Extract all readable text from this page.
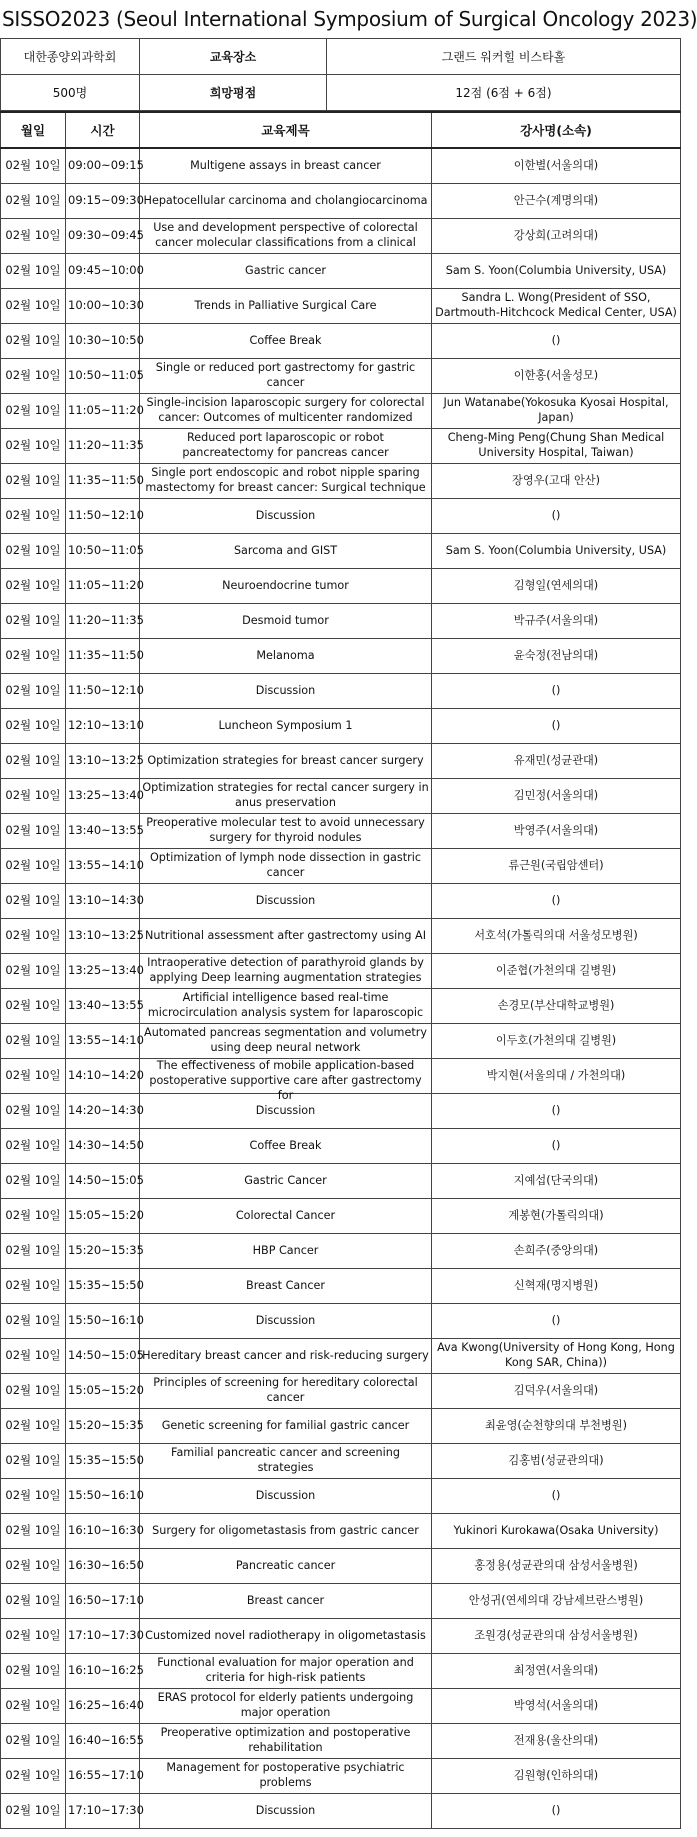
SISSO2023 (Seoul International Symposium of Surgical Oncology 2023)
대한종양외과학회	교육장소	그랜드 워커힐 비스타홀
500명	희망평점	12점 (6점 + 6점)
월일	시간	교육제목	강사명(소속)

02월 10일	09:00~09:15	Multigene assays in breast cancer	이한별(서울의대)

02월 10일	09:15~09:30	Hepatocellular carcinoma and cholangiocarcinoma	안근수(계명의대)

02월 10일	09:30~09:45	Use and development perspective of colorectal cancer molecular classifications from a clinical	강상희(고려의대)

02월 10일	09:45~10:00	Gastric cancer	Sam S. Yoon(Columbia University, USA)

02월 10일	10:00~10:30	Trends in Palliative Surgical Care	Sandra L. Wong(President of SSO, Dartmouth-Hitchcock Medical Center, USA)

02월 10일	10:30~10:50	Coffee Break	()

02월 10일	10:50~11:05	Single or reduced port gastrectomy for gastric cancer	이한홍(서울성모)

02월 10일	11:05~11:20	Single-incision laparoscopic surgery for colorectal cancer: Outcomes of multicenter randomized	Jun Watanabe(Yokosuka Kyosai Hospital, Japan)

02월 10일	11:20~11:35	Reduced port laparoscopic or robot pancreatectomy for pancreas cancer	Cheng-Ming Peng(Chung Shan Medical University Hospital, Taiwan)

02월 10일	11:35~11:50	Single port endoscopic and robot nipple sparing mastectomy for breast cancer: Surgical technique	장영우(고대 안산)

02월 10일	11:50~12:10	Discussion	()

02월 10일	10:50~11:05	Sarcoma and GIST	Sam S. Yoon(Columbia University, USA)

02월 10일	11:05~11:20	Neuroendocrine tumor	김형일(연세의대)

02월 10일	11:20~11:35	Desmoid tumor	박규주(서울의대)

02월 10일	11:35~11:50	Melanoma	윤숙정(전남의대)

02월 10일	11:50~12:10	Discussion	()

02월 10일	12:10~13:10	Luncheon Symposium 1	()

02월 10일	13:10~13:25	Optimization strategies for breast cancer surgery	유재민(성균관대)

02월 10일	13:25~13:40	Optimization strategies for rectal cancer surgery in anus preservation	김민정(서울의대)

02월 10일	13:40~13:55	Preoperative molecular test to avoid unnecessary surgery for thyroid nodules	박영주(서울의대)

02월 10일	13:55~14:10	Optimization of lymph node dissection in gastric cancer	류근원(국립암센터)

02월 10일	13:10~14:30	Discussion	()

02월 10일	13:10~13:25	Nutritional assessment after gastrectomy using AI	서호석(가톨릭의대 서울성모병원)

02월 10일	13:25~13:40	Intraoperative detection of parathyroid glands by applying Deep learning augmentation strategies	이준협(가천의대 길병원)

02월 10일	13:40~13:55	Artificial intelligence based real-time microcirculation analysis system for laparoscopic	손경모(부산대학교병원)

02월 10일	13:55~14:10	Automated pancreas segmentation and volumetry using deep neural network	이두호(가천의대 길병원)

02월 10일	14:10~14:20	The effectiveness of mobile application-based postoperative supportive care after gastrectomy for	박지현(서울의대 / 가천의대)

02월 10일	14:20~14:30	Discussion	()

02월 10일	14:30~14:50	Coffee Break	()

02월 10일	14:50~15:05	Gastric Cancer	지예섭(단국의대)

02월 10일	15:05~15:20	Colorectal Cancer	계봉현(가톨릭의대)

02월 10일	15:20~15:35	HBP Cancer	손희주(중앙의대)

02월 10일	15:35~15:50	Breast Cancer	신혁재(명지병원)

02월 10일	15:50~16:10	Discussion	()

02월 10일	14:50~15:05	Hereditary breast cancer and risk-reducing surgery	Ava Kwong(University of Hong Kong, Hong Kong SAR, China))

02월 10일	15:05~15:20	Principles of screening for hereditary colorectal cancer	김덕우(서울의대)

02월 10일	15:20~15:35	Genetic screening for familial gastric cancer	최윤영(순천향의대 부천병원)

02월 10일	15:35~15:50	Familial pancreatic cancer and screening strategies	김홍범(성균관의대)

02월 10일	15:50~16:10	Discussion	()

02월 10일	16:10~16:30	Surgery for oligometastasis from gastric cancer	Yukinori Kurokawa(Osaka University)

02월 10일	16:30~16:50	Pancreatic cancer	홍정용(성균관의대 삼성서울병원)

02월 10일	16:50~17:10	Breast cancer	안성귀(연세의대 강남세브란스병원)

02월 10일	17:10~17:30	Customized novel radiotherapy in oligometastasis	조원경(성균관의대 삼성서울병원)

02월 10일	16:10~16:25	Functional evaluation for major operation and criteria for high-risk patients	최정연(서울의대)

02월 10일	16:25~16:40	ERAS protocol for elderly patients undergoing major operation	박영석(서울의대)

02월 10일	16:40~16:55	Preoperative optimization and postoperative rehabilitation	전재용(울산의대)

02월 10일	16:55~17:10	Management for postoperative psychiatric problems	김원형(인하의대)

02월 10일	17:10~17:30	Discussion	()
